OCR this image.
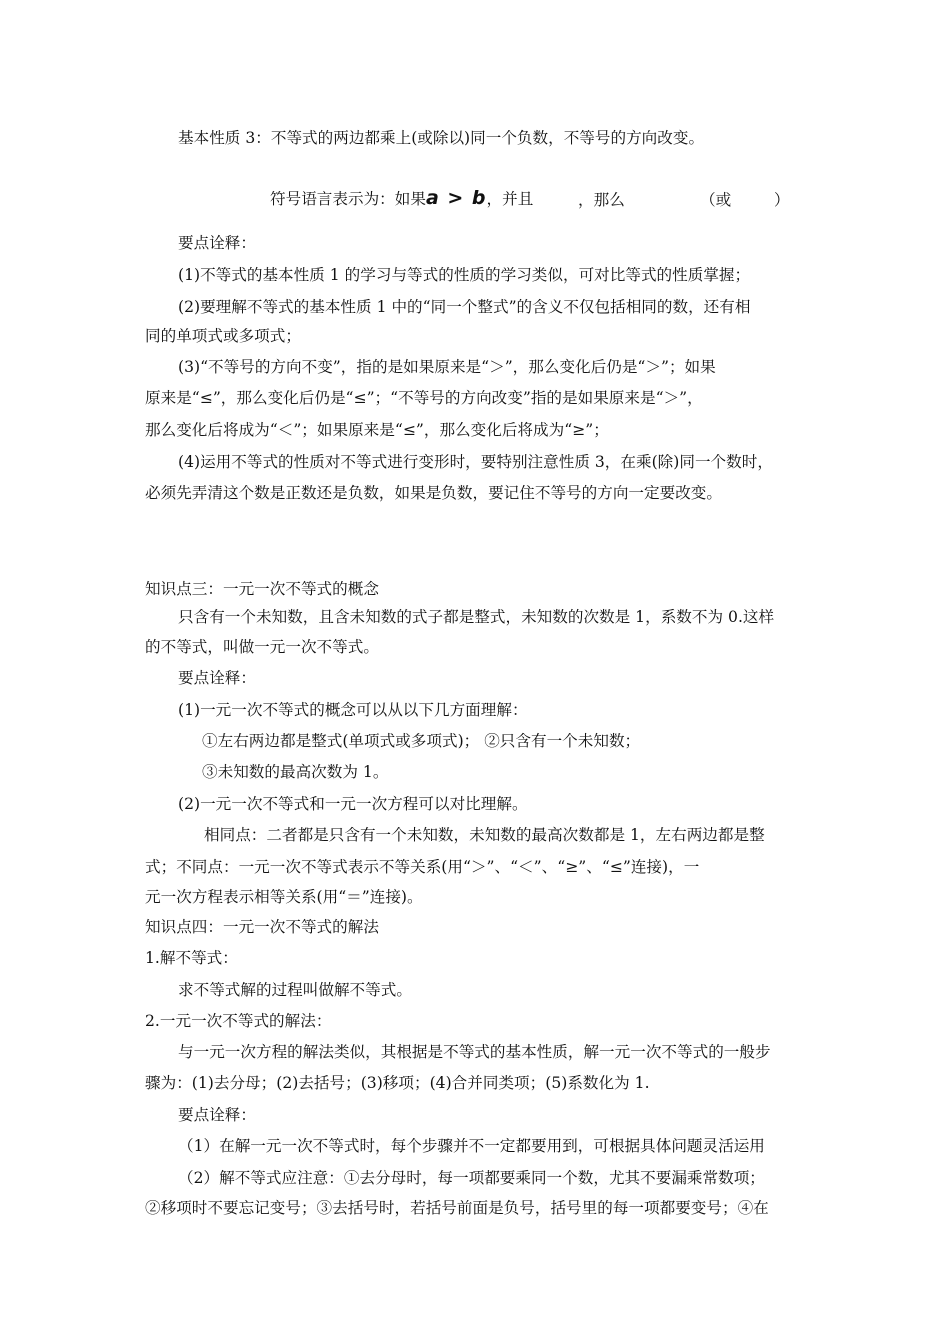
基本性质 3：不等式的两边都乘上(或除以)同一个负数，不等号的方向改变。

符号语言表示为：如果a > b，并且	，那么	（或	）

要点诠释：

(1)不等式的基本性质 1 的学习与等式的性质的学习类似，可对比等式的性质掌握；

(2)要理解不等式的基本性质 1 中的“同一个整式”的含义不仅包括相同的数，还有相

同的单项式或多项式；

(3)“不等号的方向不变”，指的是如果原来是“＞”，那么变化后仍是“＞”；如果

原来是“≤”，那么变化后仍是“≤”；“不等号的方向改变”指的是如果原来是“＞”，

那么变化后将成为“＜”；如果原来是“≤”，那么变化后将成为“≥”；

(4)运用不等式的性质对不等式进行变形时，要特别注意性质 3，在乘(除)同一个数时，

必须先弄清这个数是正数还是负数，如果是负数，要记住不等号的方向一定要改变。

知识点三：一元一次不等式的概念

只含有一个未知数，且含未知数的式子都是整式，未知数的次数是 1，系数不为 0.这样

的不等式，叫做一元一次不等式。

要点诠释：

(1)一元一次不等式的概念可以从以下几方面理解：

①左右两边都是整式(单项式或多项式)； ②只含有一个未知数；

③未知数的最高次数为 1。

(2)一元一次不等式和一元一次方程可以对比理解。

相同点：二者都是只含有一个未知数，未知数的最高次数都是 1，左右两边都是整

式；不同点：一元一次不等式表示不等关系(用“＞”、“＜”、“≥”、“≤”连接)，一

元一次方程表示相等关系(用“＝”连接)。

知识点四：一元一次不等式的解法

1.解不等式：

求不等式解的过程叫做解不等式。

2.一元一次不等式的解法：

与一元一次方程的解法类似，其根据是不等式的基本性质，解一元一次不等式的一般步

骤为：(1)去分母；(2)去括号；(3)移项；(4)合并同类项；(5)系数化为 1.

要点诠释：

（1）在解一元一次不等式时，每个步骤并不一定都要用到，可根据具体问题灵活运用

（2）解不等式应注意：①去分母时，每一项都要乘同一个数，尤其不要漏乘常数项；

②移项时不要忘记变号；③去括号时，若括号前面是负号，括号里的每一项都要变号；④在
